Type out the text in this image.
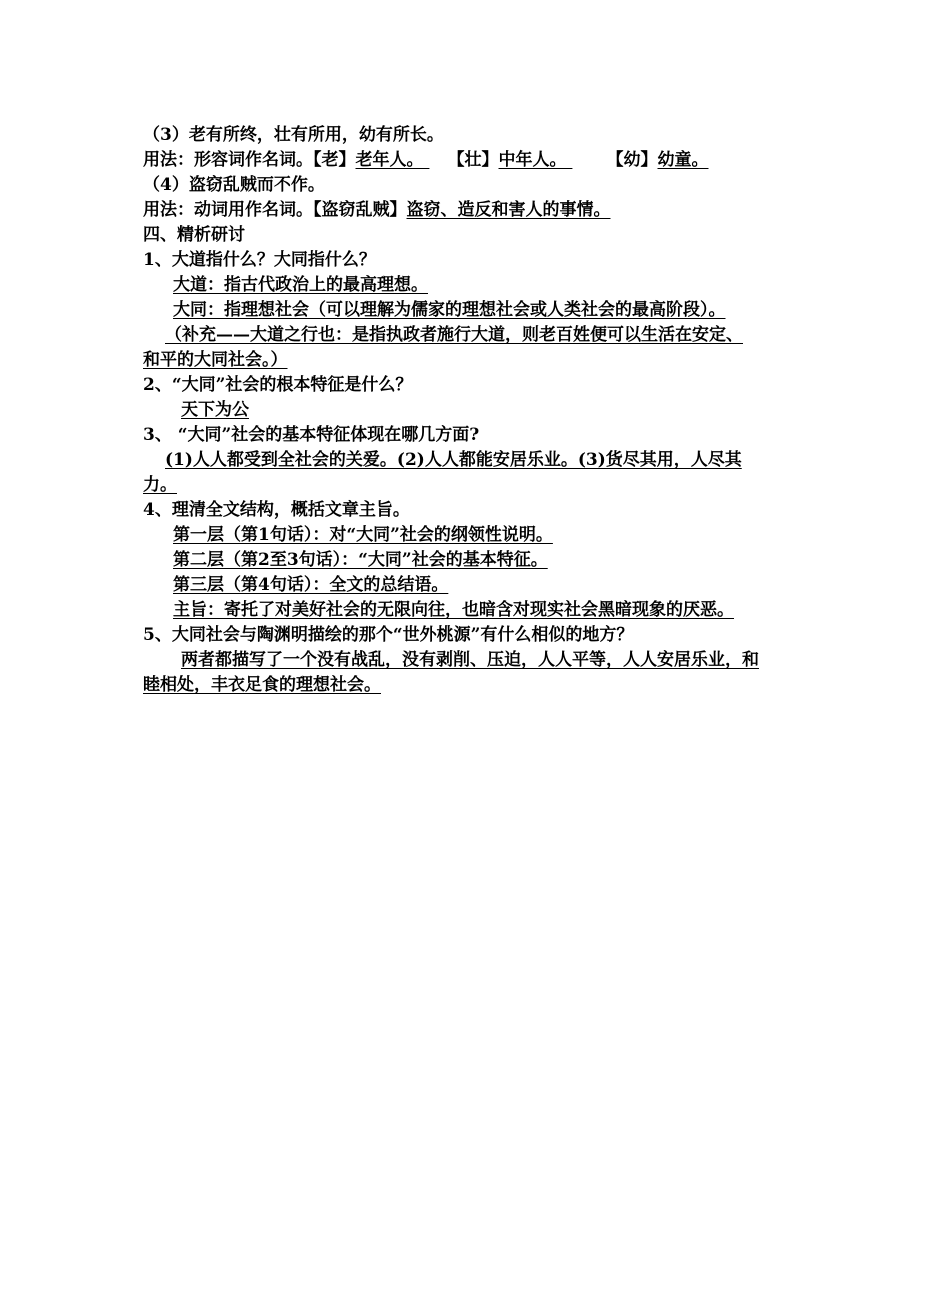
（3）老有所终，壮有所用，幼有所长。
用法：形容词作名词。【老】老年人。 【壮】中年人。 【幼】幼童。
（4）盗窃乱贼而不作。
用法：动词用作名词。【盗窃乱贼】盗窃、造反和害人的事情。
四、精析研讨
1、大道指什么？大同指什么？
大道：指古代政治上的最高理想。
大同：指理想社会（可以理解为儒家的理想社会或人类社会的最高阶段）。
（补充——大道之行也：是指执政者施行大道，则老百姓便可以生活在安定、
和平的大同社会。）
2、“大同”社会的根本特征是什么？
天下为公
3、 “大同”社会的基本特征体现在哪几方面?
(1)人人都受到全社会的关爱。(2)人人都能安居乐业。(3)货尽其用，人尽其
力。
4、理清全文结构，概括文章主旨。
第一层（第1句话）：对“大同”社会的纲领性说明。
第二层（第2至3句话）：“大同”社会的基本特征。
第三层（第4句话）：全文的总结语。
主旨：寄托了对美好社会的无限向往，也暗含对现实社会黑暗现象的厌恶。
5、大同社会与陶渊明描绘的那个“世外桃源”有什么相似的地方？
两者都描写了一个没有战乱，没有剥削、压迫，人人平等，人人安居乐业，和
睦相处，丰衣足食的理想社会。
